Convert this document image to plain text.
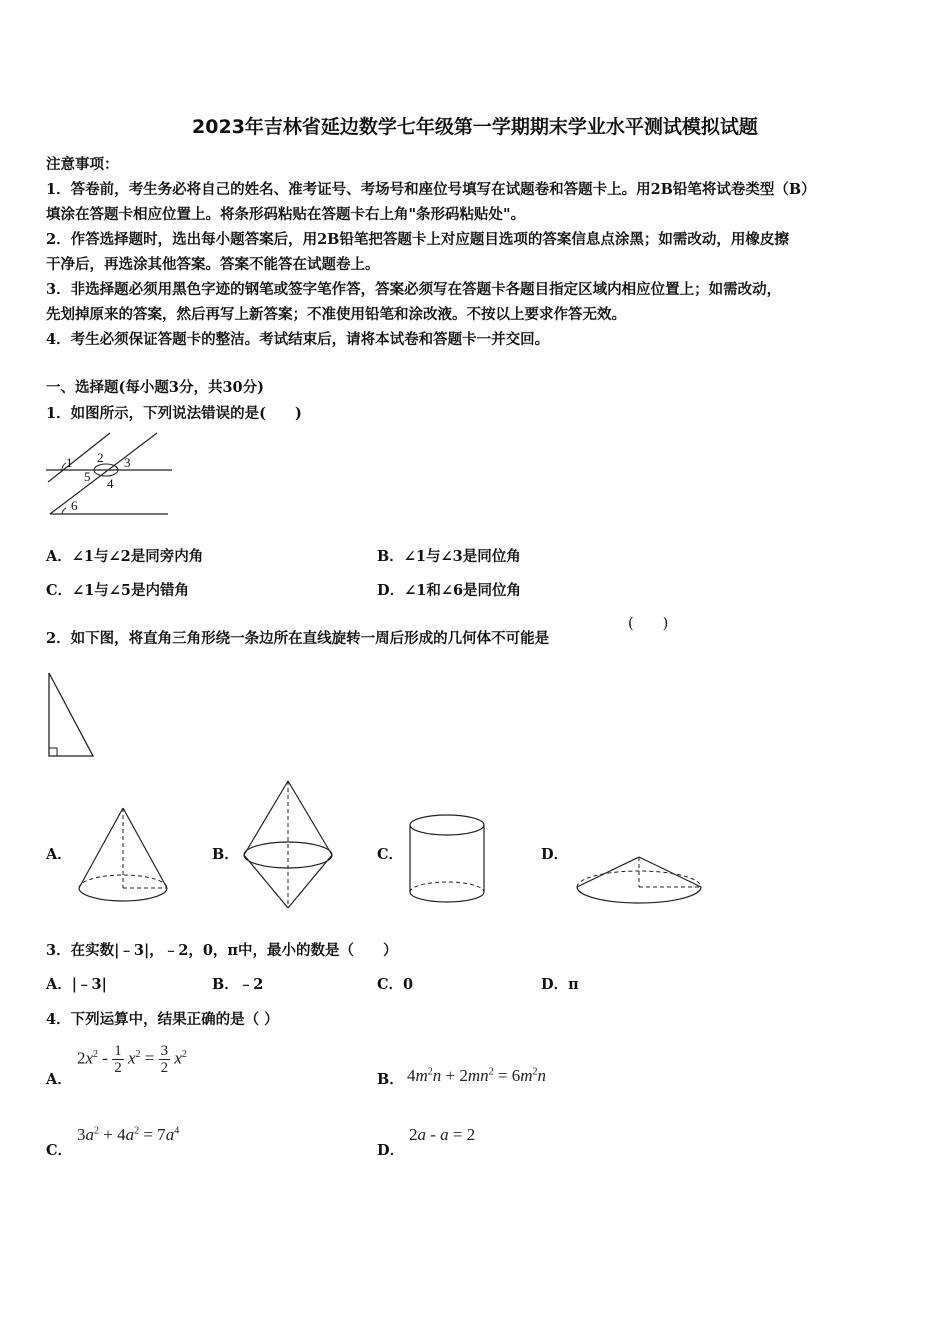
2023年吉林省延边数学七年级第一学期期末学业水平测试模拟试题
注意事项：
1．答卷前，考生务必将自己的姓名、准考证号、考场号和座位号填写在试题卷和答题卡上。用2B铅笔将试卷类型（B）
填涂在答题卡相应位置上。将条形码粘贴在答题卡右上角"条形码粘贴处"。
2．作答选择题时，选出每小题答案后，用2B铅笔把答题卡上对应题目选项的答案信息点涂黑；如需改动，用橡皮擦
干净后，再选涂其他答案。答案不能答在试题卷上。
3．非选择题必须用黑色字迹的钢笔或签字笔作答，答案必须写在答题卡各题目指定区域内相应位置上；如需改动，
先划掉原来的答案，然后再写上新答案；不准使用铅笔和涂改液。不按以上要求作答无效。
4．考生必须保证答题卡的整洁。考试结束后，请将本试卷和答题卡一并交回。
一、选择题(每小题3分，共30分)
1．如图所示，下列说法错误的是(　　)
1 2 3
5 4
6
A．∠1与∠2是同旁内角	B．∠1与∠3是同位角
C．∠1与∠5是内错角	D．∠1和∠6是同位角
2．如下图，将直角三角形绕一条边所在直线旋转一周后形成的几何体不可能是
(　　)
A．	B．	C．	D．
3．在实数|﹣3|，﹣2，0，π中，最小的数是（　　）
A．|﹣3|	B．﹣2	C．0	D．π
4．下列运算中，结果正确的是（ ）
A．
$2x^2 - \frac{1}{2} x^2 = \frac{3}{2} x^2$
B． $4m^2n + 2mn^2 = 6m^2n$
C．
$3a^2 + 4a^2 = 7a^4$
D．
2a - a = 2
